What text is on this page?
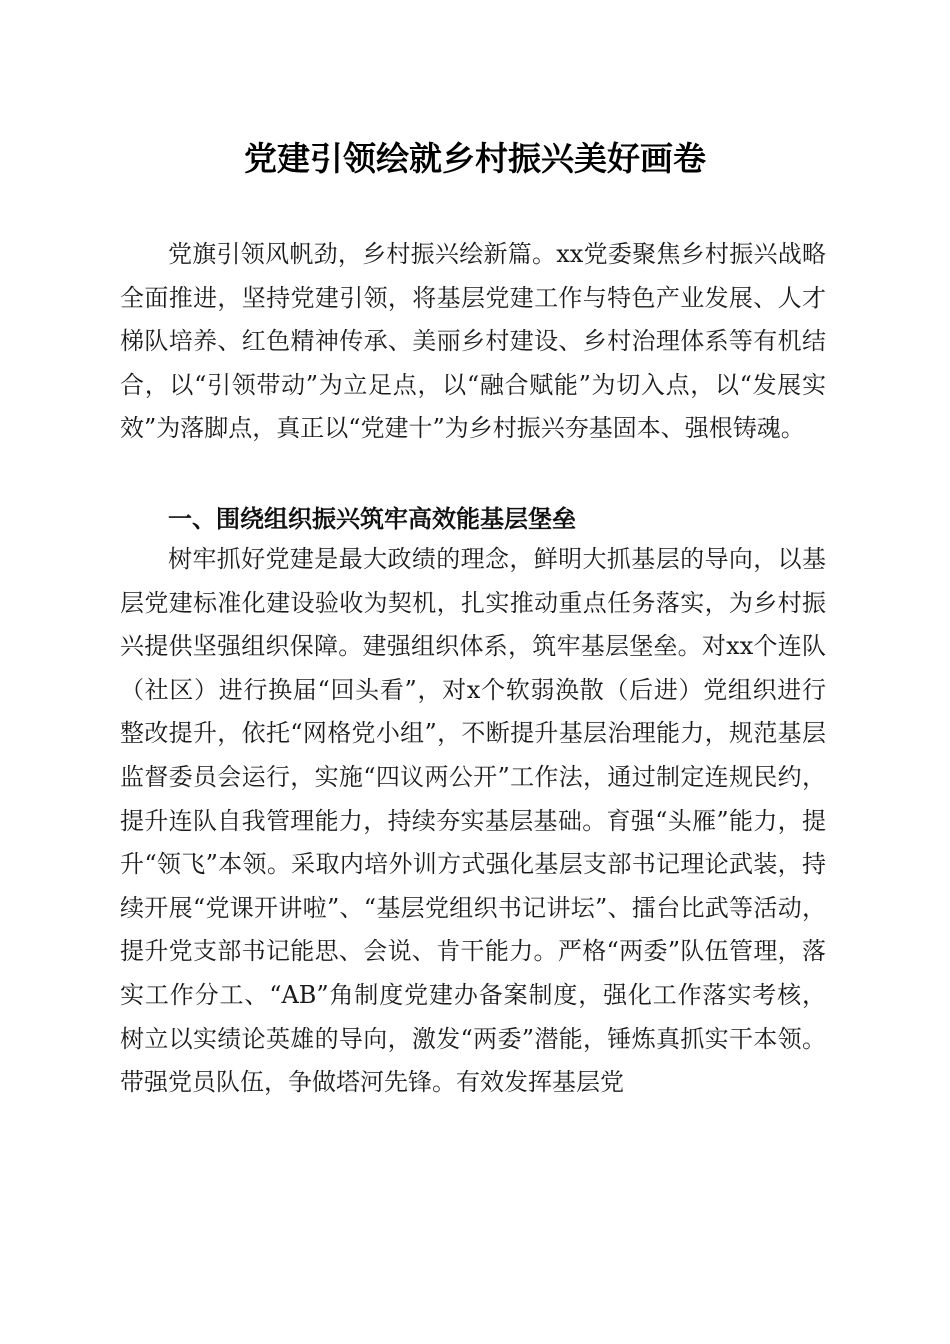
党建引领绘就乡村振兴美好画卷

党旗引领风帆劲，乡村振兴绘新篇。xx党委聚焦乡村振兴战略全面推进，坚持党建引领，将基层党建工作与特色产业发展、人才梯队培养、红色精神传承、美丽乡村建设、乡村治理体系等有机结合，以“引领带动”为立足点，以“融合赋能”为切入点，以“发展实效”为落脚点，真正以“党建十”为乡村振兴夯基固本、强根铸魂。

一、围绕组织振兴筑牢高效能基层堡垒

树牢抓好党建是最大政绩的理念，鲜明大抓基层的导向，以基层党建标准化建设验收为契机，扎实推动重点任务落实，为乡村振兴提供坚强组织保障。建强组织体系，筑牢基层堡垒。对xx个连队（社区）进行换届“回头看”，对x个软弱涣散（后进）党组织进行整改提升，依托“网格党小组”，不断提升基层治理能力，规范基层监督委员会运行，实施“四议两公开”工作法，通过制定连规民约，提升连队自我管理能力，持续夯实基层基础。育强“头雁”能力，提升“领飞”本领。采取内培外训方式强化基层支部书记理论武装，持续开展“党课开讲啦”、“基层党组织书记讲坛”、擂台比武等活动，提升党支部书记能思、会说、肯干能力。严格“两委”队伍管理，落实工作分工、“AB”角制度党建办备案制度，强化工作落实考核，树立以实绩论英雄的导向，激发“两委”潜能，锤炼真抓实干本领。带强党员队伍，争做塔河先锋。有效发挥基层党
